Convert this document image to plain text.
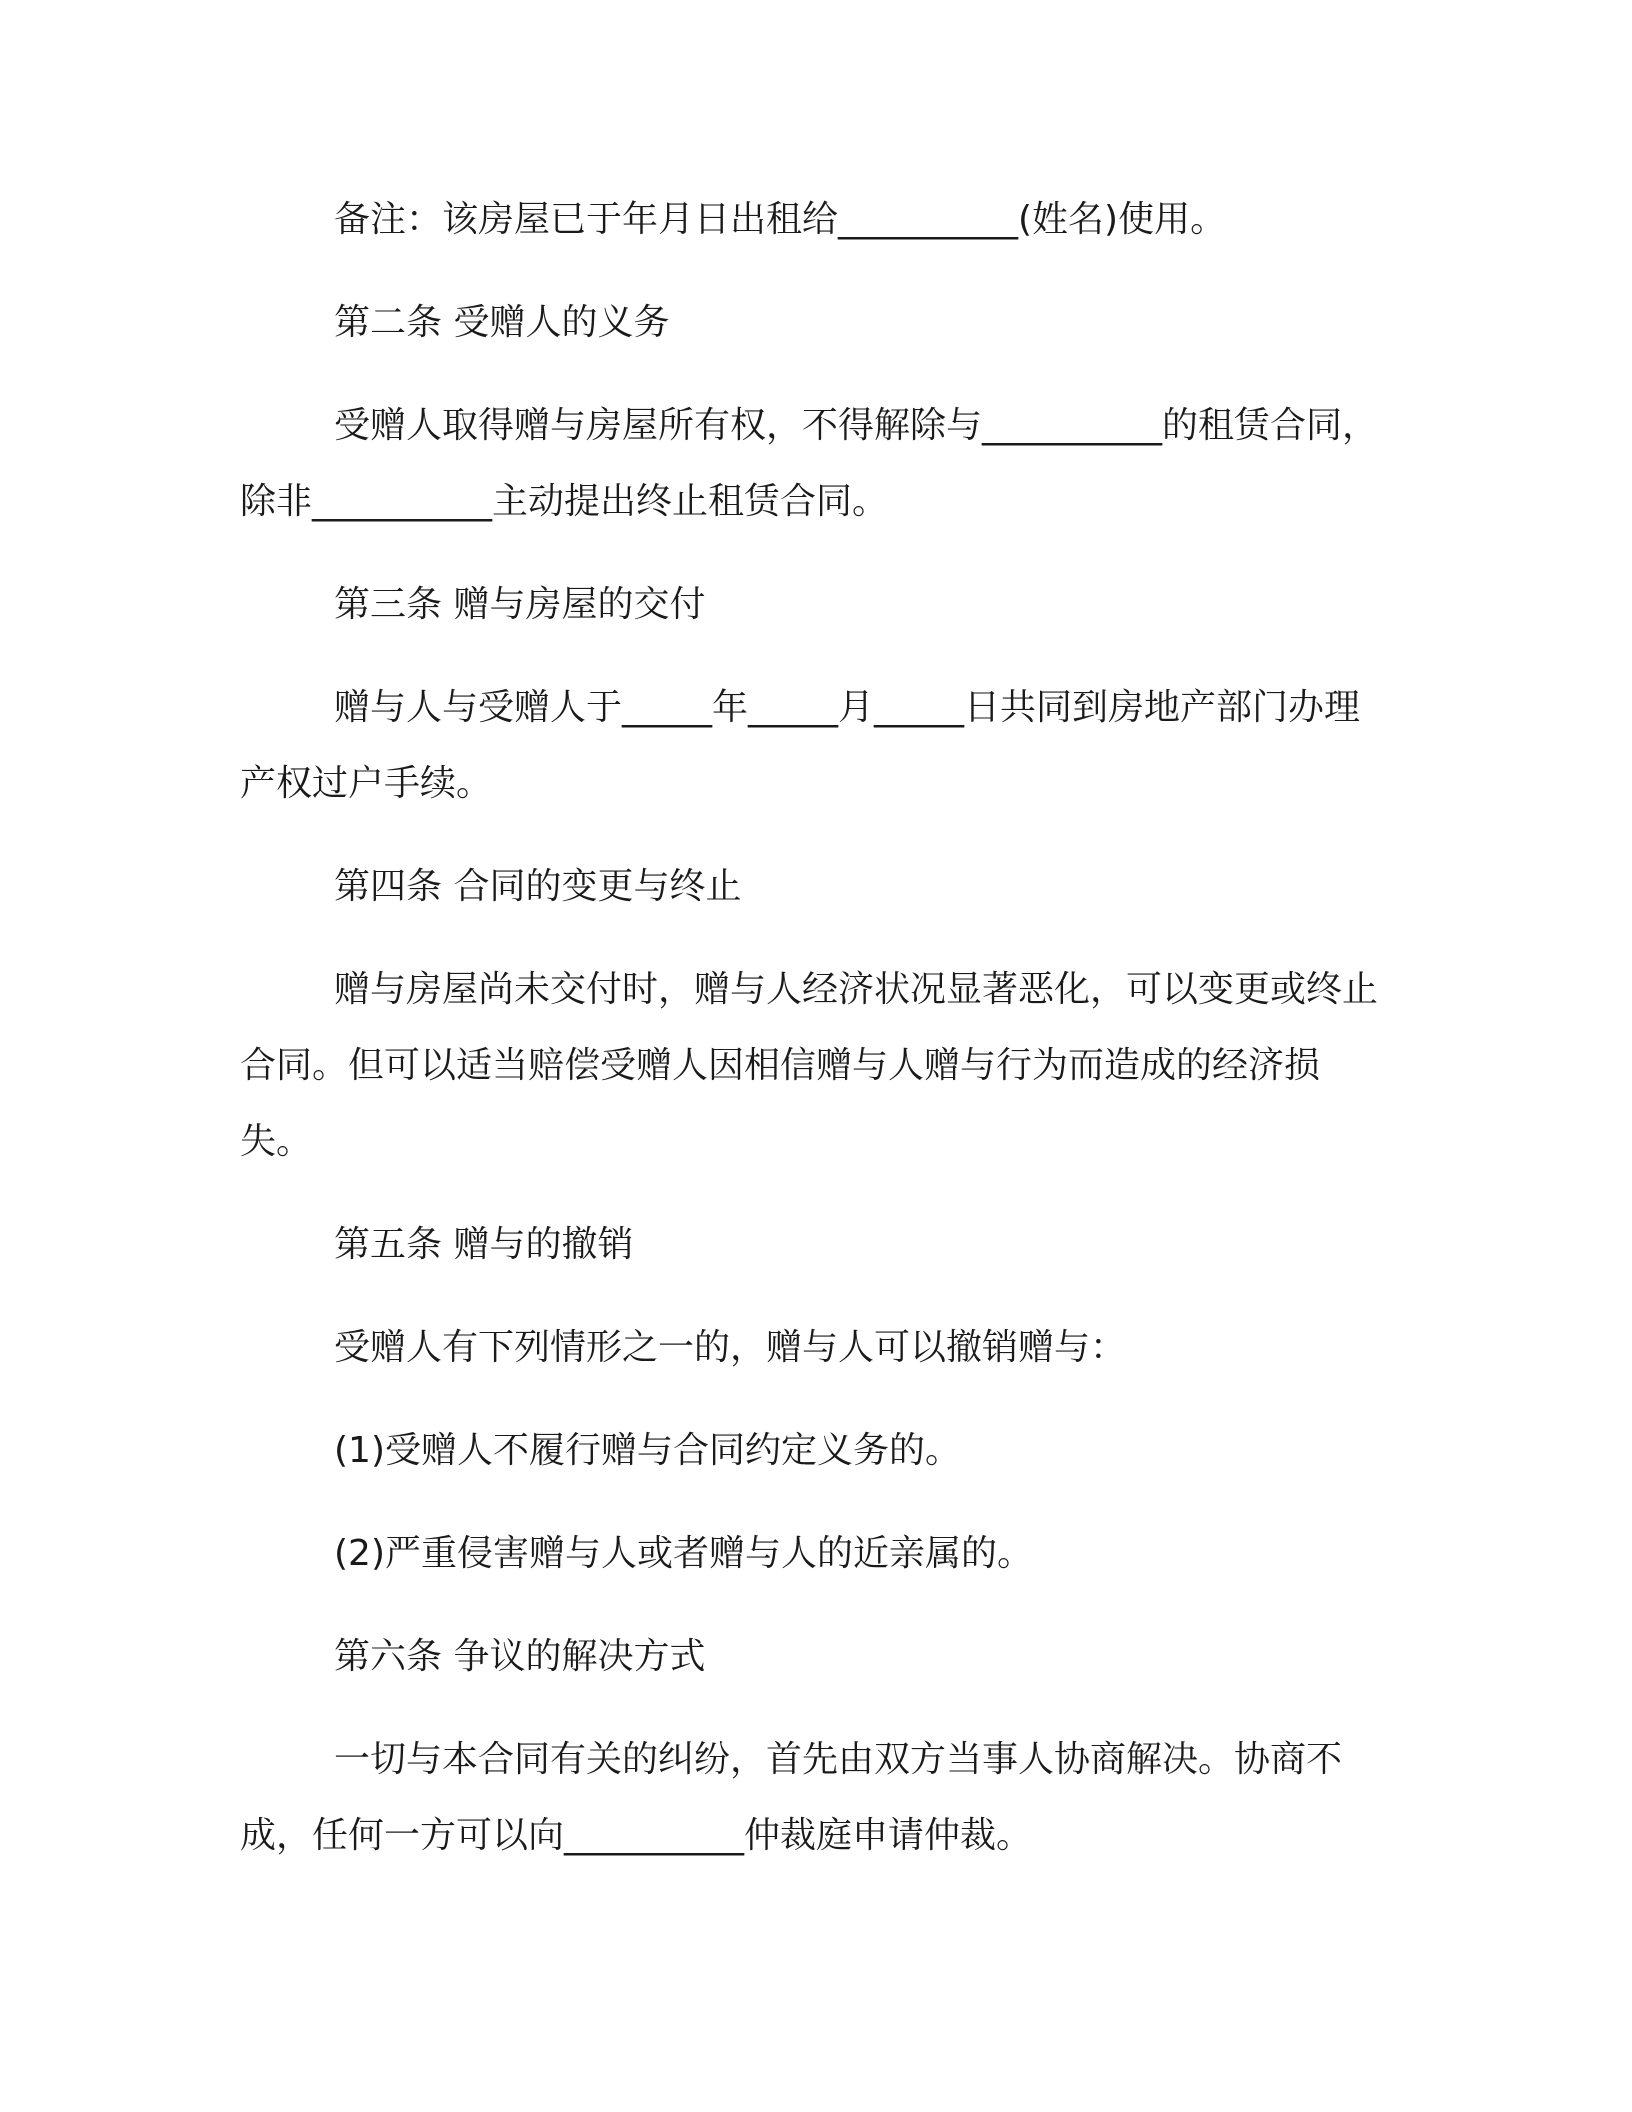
备注：该房屋已于年月日出租给__________(姓名)使用。

第二条 受赠人的义务

受赠人取得赠与房屋所有权，不得解除与__________的租赁合同，除非__________主动提出终止租赁合同。

第三条 赠与房屋的交付

赠与人与受赠人于_____年_____月_____日共同到房地产部门办理产权过户手续。

第四条 合同的变更与终止

赠与房屋尚未交付时，赠与人经济状况显著恶化，可以变更或终止合同。但可以适当赔偿受赠人因相信赠与人赠与行为而造成的经济损失。

第五条 赠与的撤销

受赠人有下列情形之一的，赠与人可以撤销赠与：

(1)受赠人不履行赠与合同约定义务的。

(2)严重侵害赠与人或者赠与人的近亲属的。

第六条 争议的解决方式

一切与本合同有关的纠纷，首先由双方当事人协商解决。协商不成，任何一方可以向__________仲裁庭申请仲裁。
